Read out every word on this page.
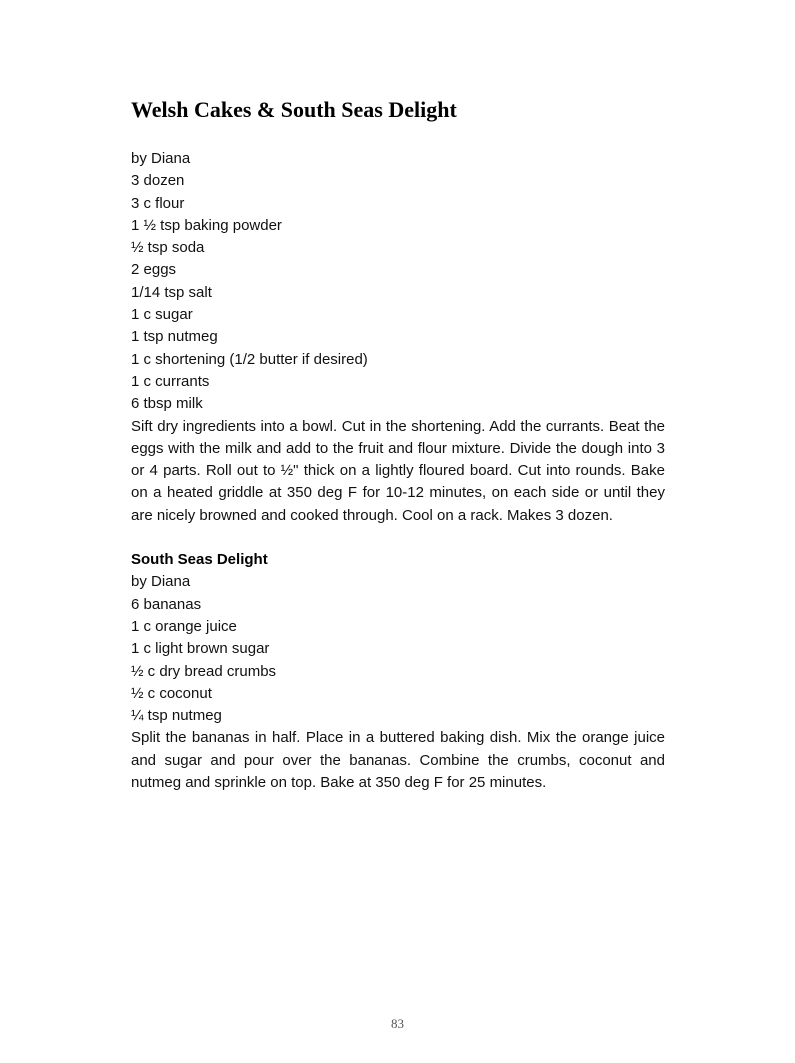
Welsh Cakes & South Seas Delight
by Diana
3 dozen
3 c flour
1 ½ tsp baking powder
½ tsp soda
2 eggs
1/14 tsp salt
1 c sugar
1 tsp nutmeg
1 c shortening (1/2 butter if desired)
1 c currants
6 tbsp milk

Sift dry ingredients into a bowl. Cut in the shortening. Add the currants. Beat the eggs with the milk and add to the fruit and flour mixture. Divide the dough into 3 or 4 parts. Roll out to ½" thick on a lightly floured board. Cut into rounds. Bake on a heated griddle at 350 deg F for 10-12 minutes, on each side or until they are nicely browned and cooked through. Cool on a rack. Makes 3 dozen.

South Seas Delight
by Diana
6 bananas
1 c orange juice
1 c light brown sugar
½ c dry bread crumbs
½ c coconut
¼ tsp nutmeg

Split the bananas in half. Place in a buttered baking dish. Mix the orange juice and sugar and pour over the bananas. Combine the crumbs, coconut and nutmeg and sprinkle on top. Bake at 350 deg F for 25 minutes.

83
